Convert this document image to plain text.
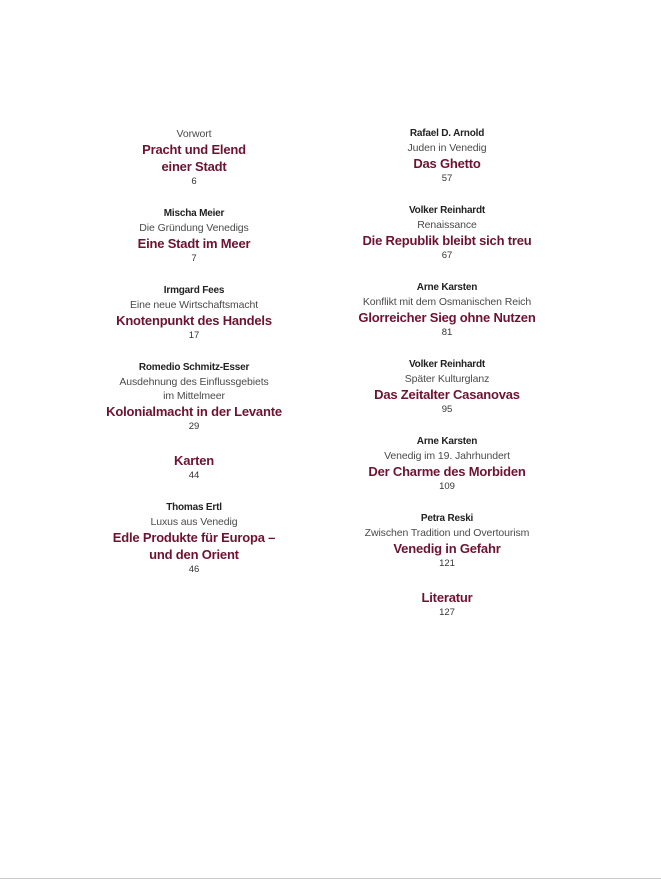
Vorwort
Pracht und Elend
einer Stadt
6
Mischa Meier
Die Gründung Venedigs
Eine Stadt im Meer
7
Irmgard Fees
Eine neue Wirtschaftsmacht
Knotenpunkt des Handels
17
Romedio Schmitz-Esser
Ausdehnung des Einflussgebiets
im Mittelmeer
Kolonialmacht in der Levante
29
Karten
44
Thomas Ertl
Luxus aus Venedig
Edle Produkte für Europa –
und den Orient
46
Rafael D. Arnold
Juden in Venedig
Das Ghetto
57
Volker Reinhardt
Renaissance
Die Republik bleibt sich treu
67
Arne Karsten
Konflikt mit dem Osmanischen Reich
Glorreicher Sieg ohne Nutzen
81
Volker Reinhardt
Später Kulturglanz
Das Zeitalter Casanovas
95
Arne Karsten
Venedig im 19. Jahrhundert
Der Charme des Morbiden
109
Petra Reski
Zwischen Tradition und Overtourism
Venedig in Gefahr
121
Literatur
127
